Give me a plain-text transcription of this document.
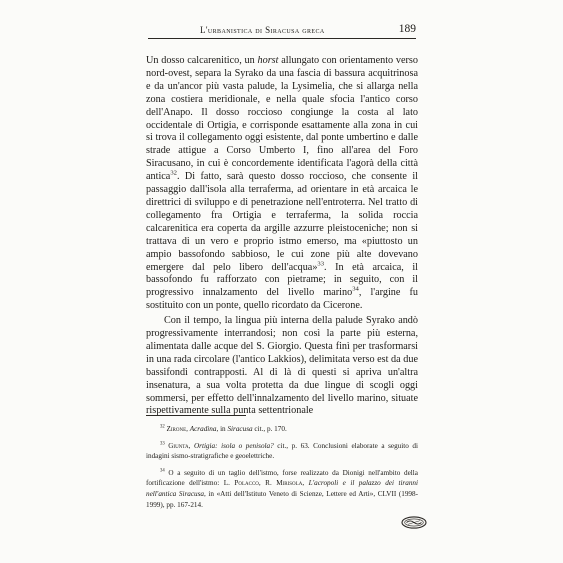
L'urbanistica di Siracusa greca	189

Un dosso calcarenitico, un horst allungato con orientamento verso nord-ovest, separa la Syrako da una fascia di bassura acquitrinosa e da un'ancor più vasta palude, la Lysimelia, che si allarga nella zona costiera meridionale, e nella quale sfocia l'antico corso dell'Anapo. Il dosso roccioso congiunge la costa al lato occidentale di Ortigia, e corrisponde esattamente alla zona in cui si trova il collegamento oggi esistente, dal ponte umbertino e dalle strade attigue a Corso Umberto I, fino all'area del Foro Siracusano, in cui è concordemente identificata l'agorà della città antica$^{32}$. Di fatto, sarà questo dosso roccioso, che consente il passaggio dall'isola alla terraferma, ad orientare in età arcaica le direttrici di sviluppo e di penetrazione nell'entroterra. Nel tratto di collegamento fra Ortigia e terraferma, la solida roccia calcarenitica era coperta da argille azzurre pleistoceniche; non si trattava di un vero e proprio istmo emerso, ma «piuttosto un ampio bassofondo sabbioso, le cui zone più alte dovevano emergere dal pelo libero dell'acqua»$^{33}$. In età arcaica, il bassofondo fu rafforzato con pietrame; in seguito, con il progressivo innalzamento del livello marino$^{34}$, l'argine fu sostituito con un ponte, quello ricordato da Cicerone.

Con il tempo, la lingua più interna della palude Syrako andò progressivamente interrandosi; non così la parte più esterna, alimentata dalle acque del S. Giorgio. Questa finì per trasformarsi in una rada circolare (l'antico Lakkios), delimitata verso est da due bassifondi contrapposti. Al di là di questi si apriva un'altra insenatura, a sua volta protetta da due lingue di scogli oggi sommersi, per effetto dell'innalzamento del livello marino, situate rispettivamente sulla punta settentrionale

$^{32}$ Zirone, Acradina, in Siracusa cit., p. 170.

$^{33}$ Giunta, Ortigia: isola o penisola? cit., p. 63. Conclusioni elaborate a seguito di indagini sismo-stratigrafiche e geoelettriche.

$^{34}$ O a seguito di un taglio dell'istmo, forse realizzato da Dionigi nell'ambito della fortificazione dell'istmo: L. Polacco, R. Mirisola, L'acropoli e il palazzo dei tiranni nell'antica Siracusa, in «Atti dell'Istituto Veneto di Scienze, Lettere ed Arti», CLVII (1998-1999), pp. 167-214.
